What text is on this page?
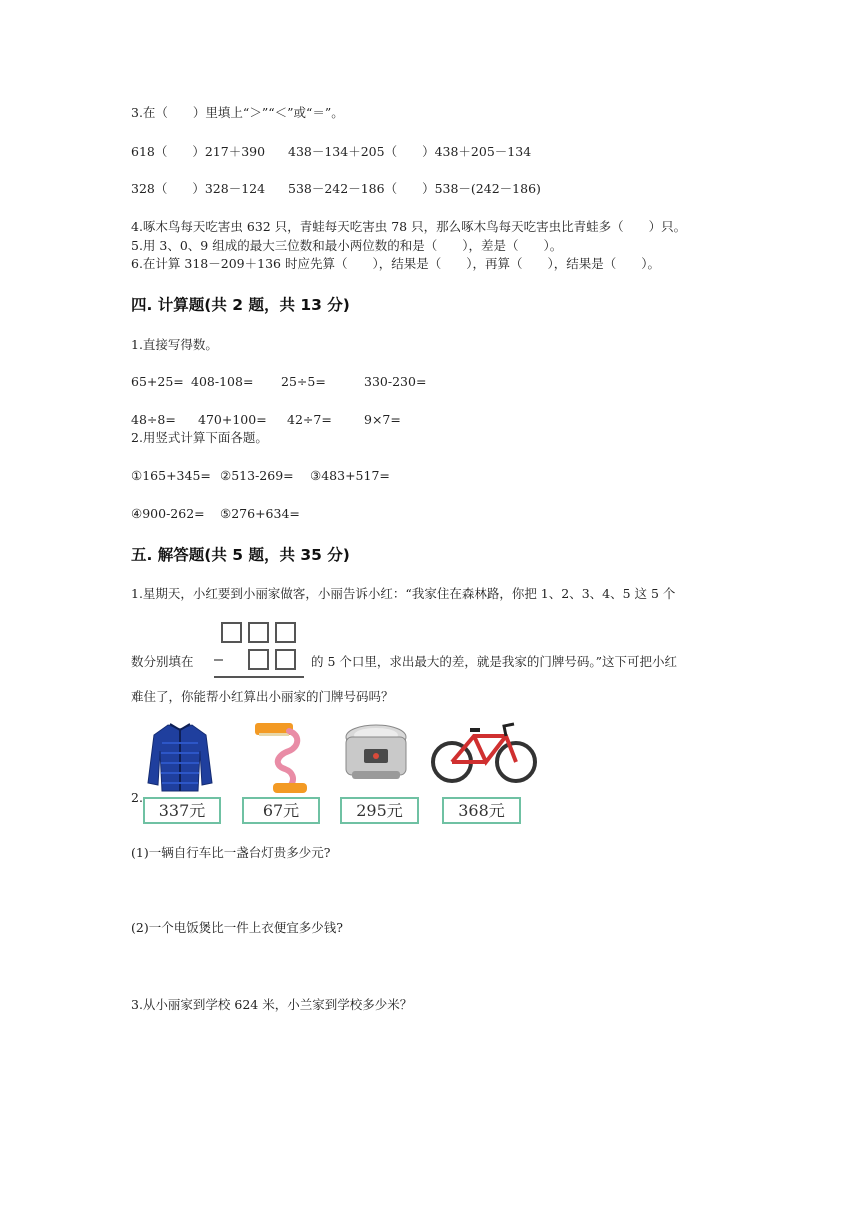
3.在（　　）里填上“＞”“＜”或“＝”。
618（　　）217＋390 438－134＋205（　　）438＋205－134
328（　　）328－124 538－242－186（　　）538－(242－186)
4.啄木鸟每天吃害虫 632 只，青蛙每天吃害虫 78 只，那么啄木鸟每天吃害虫比青蛙多（　　）只。
5.用 3、0、9 组成的最大三位数和最小两位数的和是（　　），差是（　　）。
6.在计算 318－209＋136 时应先算（　　），结果是（　　），再算（　　），结果是（　　）。
四. 计算题(共 2 题，共 13 分)
1.直接写得数。
65+25= 408-108= 25÷5=	330-230=
48÷8= 470+100= 42÷7=	9×7=
2.用竖式计算下面各题。
①165+345= ②513-269= ③483+517=
④900-262= ⑤276+634=
五. 解答题(共 5 题，共 35 分)
1.星期天，小红要到小丽家做客，小丽告诉小红：“我家住在森林路，你把 1、2、3、4、5 这 5 个
数分别填在	的 5 个口里，求出最大的差，就是我家的门牌号码。”这下可把小红
难住了，你能帮小红算出小丽家的门牌号码吗？
2.
337元	67元	295元	368元
(1)一辆自行车比一盏台灯贵多少元?
(2)一个电饭煲比一件上衣便宜多少钱?
3.从小丽家到学校 624 米，小兰家到学校多少米？
